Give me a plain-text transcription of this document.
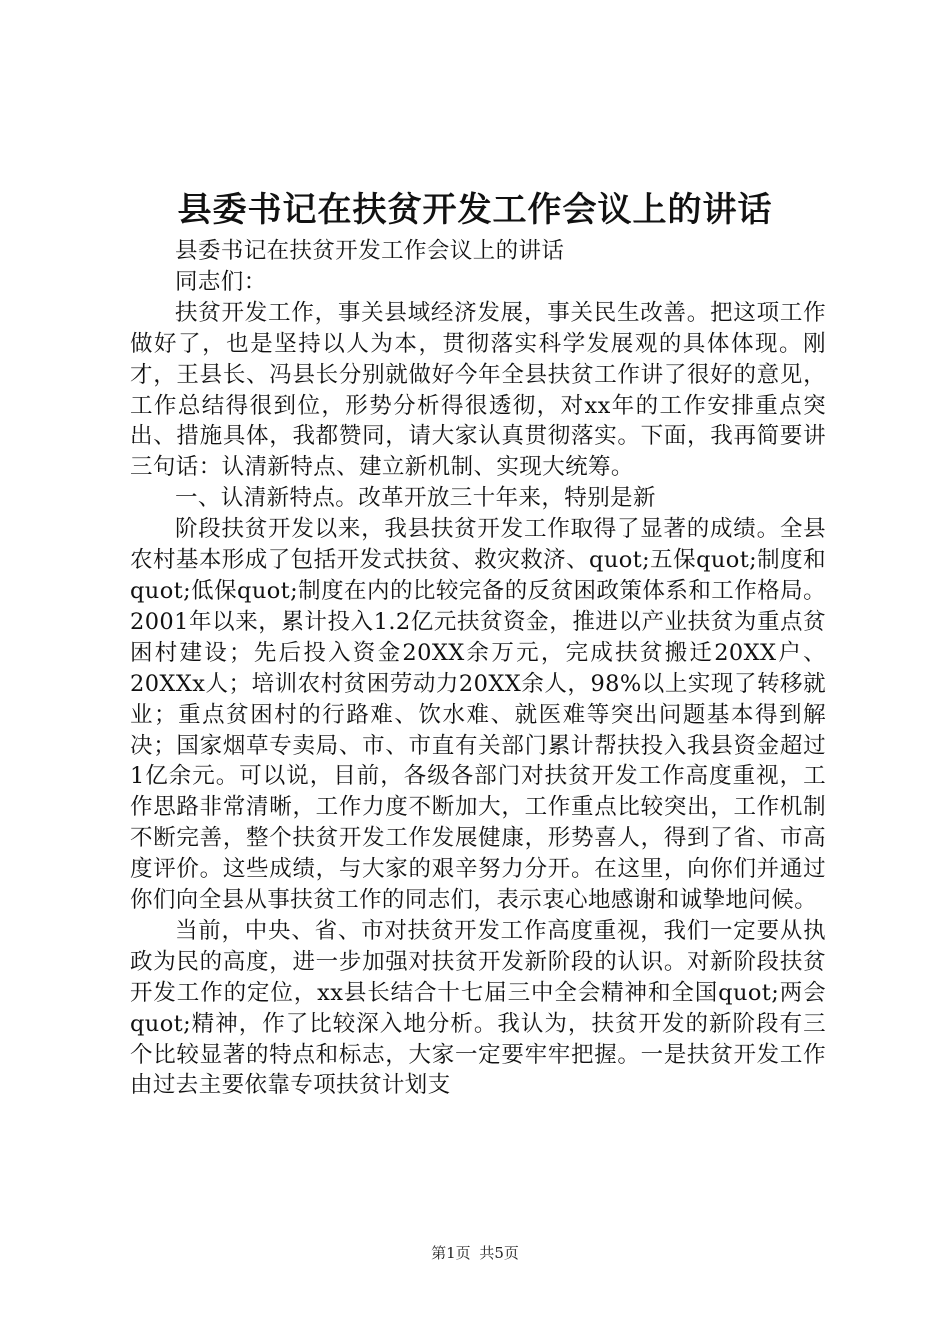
县委书记在扶贫开发工作会议上的讲话

县委书记在扶贫开发工作会议上的讲话

同志们：

扶贫开发工作，事关县域经济发展，事关民生改善。把这项工作做好了，也是坚持以人为本，贯彻落实科学发展观的具体体现。刚才，王县长、冯县长分别就做好今年全县扶贫工作讲了很好的意见，工作总结得很到位，形势分析得很透彻，对xx年的工作安排重点突出、措施具体，我都赞同，请大家认真贯彻落实。下面，我再简要讲三句话：认清新特点、建立新机制、实现大统筹。

一、认清新特点。改革开放三十年来，特别是新

阶段扶贫开发以来，我县扶贫开发工作取得了显著的成绩。全县农村基本形成了包括开发式扶贫、救灾救济、quot;五保quot;制度和quot;低保quot;制度在内的比较完备的反贫困政策体系和工作格局。2001年以来，累计投入1.2亿元扶贫资金，推进以产业扶贫为重点贫困村建设；先后投入资金20XX余万元，完成扶贫搬迁20XX户、20XXx人；培训农村贫困劳动力20XX余人，98%以上实现了转移就业；重点贫困村的行路难、饮水难、就医难等突出问题基本得到解决；国家烟草专卖局、市、市直有关部门累计帮扶投入我县资金超过1亿余元。可以说，目前，各级各部门对扶贫开发工作高度重视，工作思路非常清晰，工作力度不断加大，工作重点比较突出，工作机制不断完善，整个扶贫开发工作发展健康，形势喜人，得到了省、市高度评价。这些成绩，与大家的艰辛努力分开。在这里，向你们并通过你们向全县从事扶贫工作的同志们，表示衷心地感谢和诚挚地问候。

当前，中央、省、市对扶贫开发工作高度重视，我们一定要从执政为民的高度，进一步加强对扶贫开发新阶段的认识。对新阶段扶贫开发工作的定位，xx县长结合十七届三中全会精神和全国quot;两会quot;精神，作了比较深入地分析。我认为，扶贫开发的新阶段有三个比较显著的特点和标志，大家一定要牢牢把握。一是扶贫开发工作由过去主要依靠专项扶贫计划支

第1页 共5页
